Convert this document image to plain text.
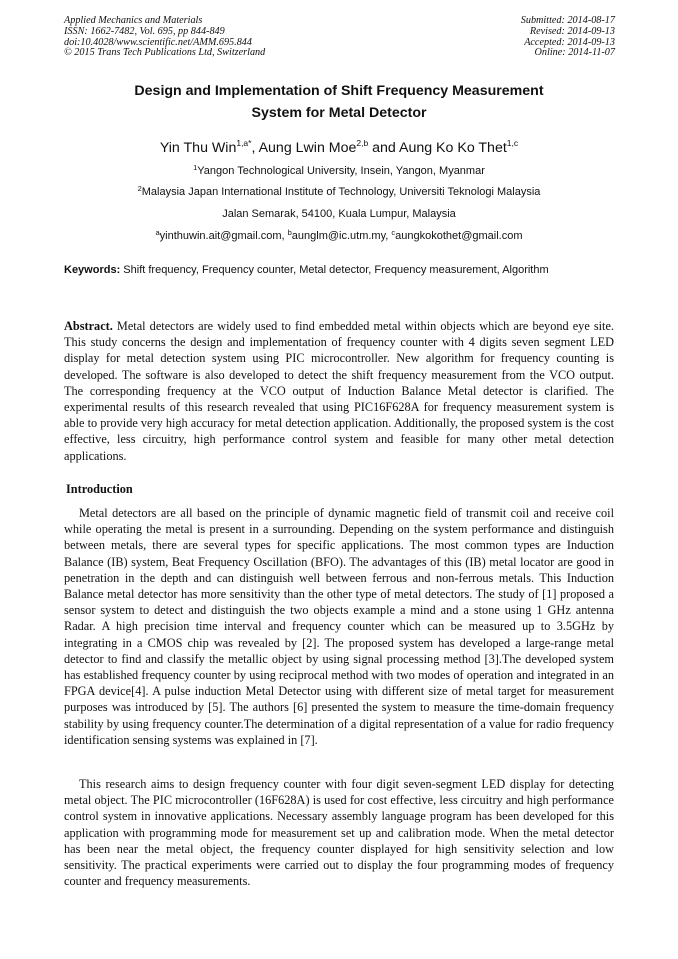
Applied Mechanics and Materials
ISSN: 1662-7482, Vol. 695, pp 844-849
doi:10.4028/www.scientific.net/AMM.695.844
© 2015 Trans Tech Publications Ltd, Switzerland
Submitted: 2014-08-17
Revised: 2014-09-13
Accepted: 2014-09-13
Online: 2014-11-07
Design and Implementation of Shift Frequency Measurement
System for Metal Detector
Yin Thu Win$^{1,a*}$, Aung Lwin Moe$^{2,b}$ and Aung Ko Ko Thet$^{1,c}$
$^1$Yangon Technological University, Insein, Yangon, Myanmar
$^2$Malaysia Japan International Institute of Technology, Universiti Teknologi Malaysia
Jalan Semarak, 54100, Kuala Lumpur, Malaysia
$^a$yinthuwin.ait@gmail.com, $^b$aunglm@ic.utm.my, $^c$aungkokothet@gmail.com
Keywords: Shift frequency, Frequency counter, Metal detector, Frequency measurement, Algorithm
Abstract. Metal detectors are widely used to find embedded metal within objects which are beyond eye site. This study concerns the design and implementation of frequency counter with 4 digits seven segment LED display for metal detection system using PIC microcontroller. New algorithm for frequency counting is developed. The software is also developed to detect the shift frequency measurement from the VCO output. The corresponding frequency at the VCO output of Induction Balance Metal detector is clarified. The experimental results of this research revealed that using PIC16F628A for frequency measurement system is able to provide very high accuracy for metal detection application. Additionally, the proposed system is the cost effective, less circuitry, high performance control system and feasible for many other metal detection applications.
Introduction
Metal detectors are all based on the principle of dynamic magnetic field of transmit coil and receive coil while operating the metal is present in a surrounding. Depending on the system performance and distinguish between metals, there are several types for specific applications. The most common types are Induction Balance (IB) system, Beat Frequency Oscillation (BFO). The advantages of this (IB) metal locator are good in penetration in the depth and can distinguish well between ferrous and non-ferrous metals. This Induction Balance metal detector has more sensitivity than the other type of metal detectors. The study of [1] proposed a sensor system to detect and distinguish the two objects example a mind and a stone using 1 GHz antenna Radar. A high precision time interval and frequency counter which can be measured up to 3.5GHz by integrating in a CMOS chip was revealed by [2]. The proposed system has developed a large-range metal detector to find and classify the metallic object by using signal processing method [3].The developed system has established frequency counter by using reciprocal method with two modes of operation and integrated in an FPGA device[4]. A pulse induction Metal Detector using with different size of metal target for measurement purposes was introduced by [5]. The authors [6] presented the system to measure the time-domain frequency stability by using frequency counter.The determination of a digital representation of a value for radio frequency identification sensing systems was explained in [7].
This research aims to design frequency counter with four digit seven-segment LED display for detecting metal object. The PIC microcontroller (16F628A) is used for cost effective, less circuitry and high performance control system in innovative applications. Necessary assembly language program has been developed for this application with programming mode for measurement set up and calibration mode. When the metal detector has been near the metal object, the frequency counter displayed for high sensitivity selection and low sensitivity. The practical experiments were carried out to display the four programming modes of frequency counter and frequency measurements.
